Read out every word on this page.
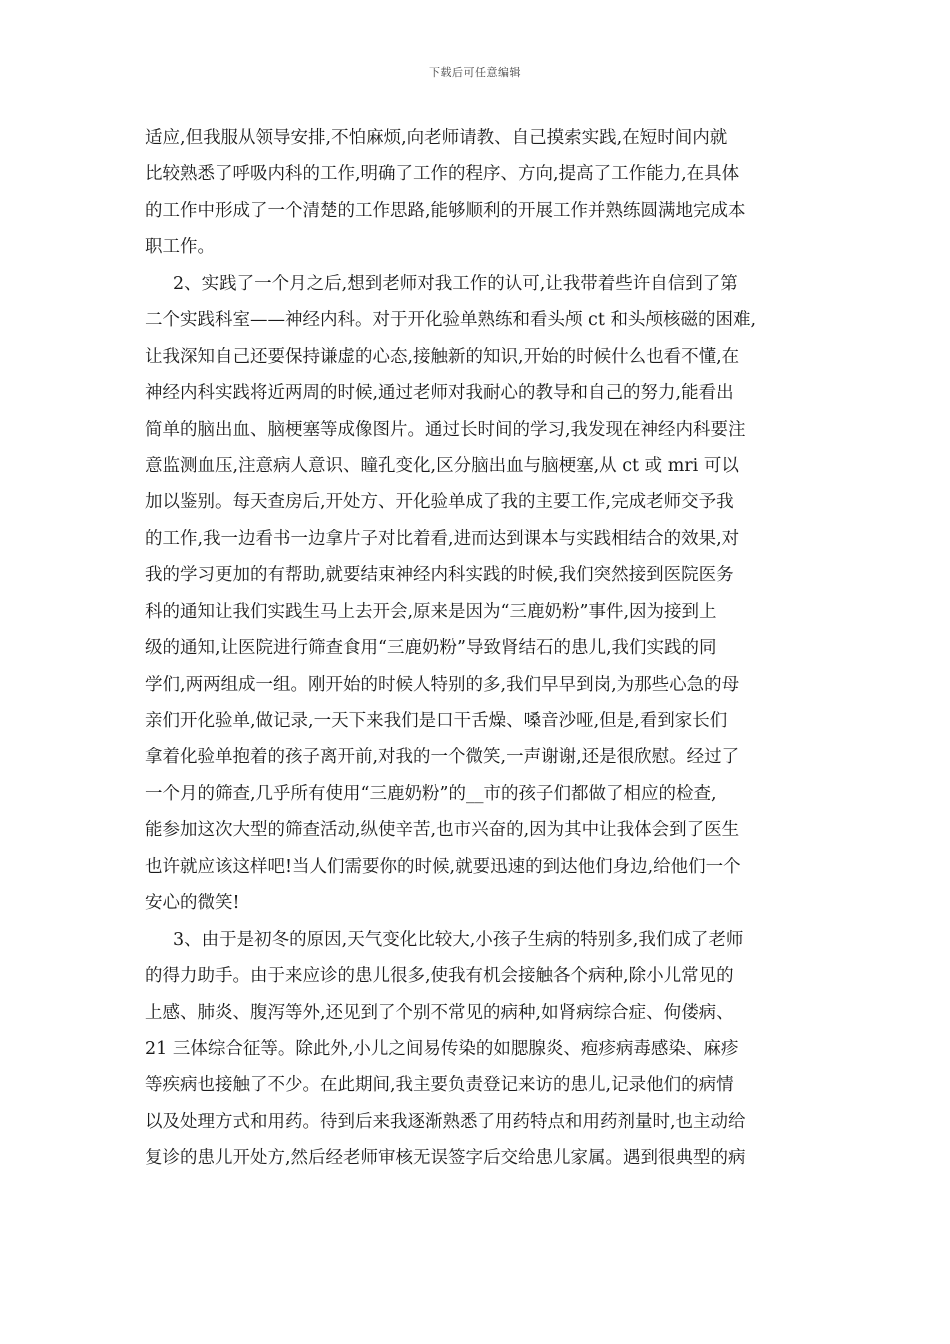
下载后可任意编辑
适应,但我服从领导安排,不怕麻烦,向老师请教、自己摸索实践,在短时间内就
比较熟悉了呼吸内科的工作,明确了工作的程序、方向,提高了工作能力,在具体
的工作中形成了一个清楚的工作思路,能够顺利的开展工作并熟练圆满地完成本
职工作。
2、实践了一个月之后,想到老师对我工作的认可,让我带着些许自信到了第
二个实践科室——神经内科。对于开化验单熟练和看头颅 ct 和头颅核磁的困难,
让我深知自己还要保持谦虚的心态,接触新的知识,开始的时候什么也看不懂,在
神经内科实践将近两周的时候,通过老师对我耐心的教导和自己的努力,能看出
简单的脑出血、脑梗塞等成像图片。通过长时间的学习,我发现在神经内科要注
意监测血压,注意病人意识、瞳孔变化,区分脑出血与脑梗塞,从 ct 或 mri 可以
加以鉴别。每天查房后,开处方、开化验单成了我的主要工作,完成老师交予我
的工作,我一边看书一边拿片子对比着看,进而达到课本与实践相结合的效果,对
我的学习更加的有帮助,就要结束神经内科实践的时候,我们突然接到医院医务
科的通知让我们实践生马上去开会,原来是因为“三鹿奶粉”事件,因为接到上
级的通知,让医院进行筛查食用“三鹿奶粉”导致肾结石的患儿,我们实践的同
学们,两两组成一组。刚开始的时候人特别的多,我们早早到岗,为那些心急的母
亲们开化验单,做记录,一天下来我们是口干舌燥、嗓音沙哑,但是,看到家长们
拿着化验单抱着的孩子离开前,对我的一个微笑,一声谢谢,还是很欣慰。经过了
一个月的筛查,几乎所有使用“三鹿奶粉”的__市的孩子们都做了相应的检查,
能参加这次大型的筛查活动,纵使辛苦,也市兴奋的,因为其中让我体会到了医生
也许就应该这样吧!当人们需要你的时候,就要迅速的到达他们身边,给他们一个
安心的微笑!
3、由于是初冬的原因,天气变化比较大,小孩子生病的特别多,我们成了老师
的得力助手。由于来应诊的患儿很多,使我有机会接触各个病种,除小儿常见的
上感、肺炎、腹泻等外,还见到了个别不常见的病种,如肾病综合症、佝偻病、
21 三体综合征等。除此外,小儿之间易传染的如腮腺炎、疱疹病毒感染、麻疹
等疾病也接触了不少。在此期间,我主要负责登记来访的患儿,记录他们的病情
以及处理方式和用药。待到后来我逐渐熟悉了用药特点和用药剂量时,也主动给
复诊的患儿开处方,然后经老师审核无误签字后交给患儿家属。遇到很典型的病
